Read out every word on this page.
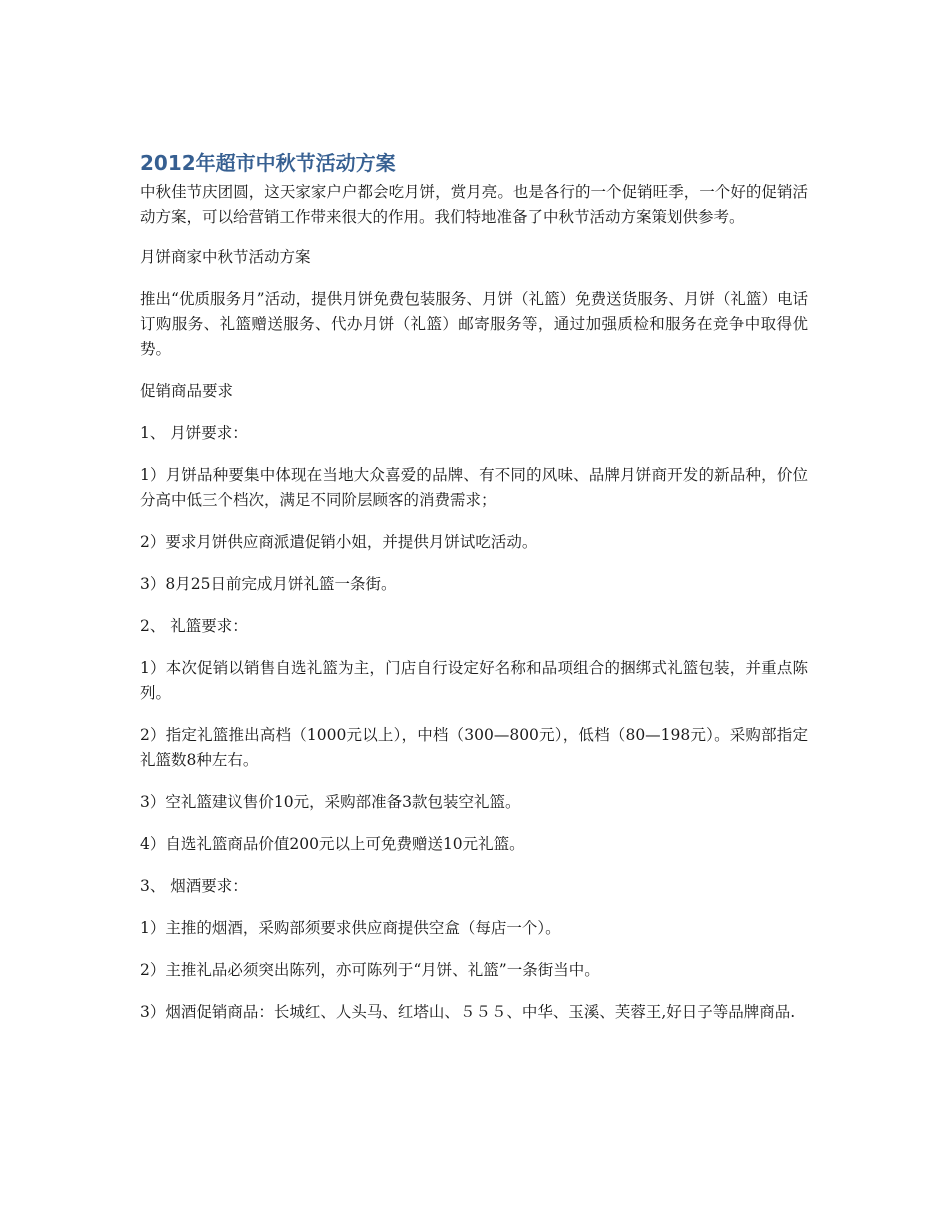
2012年超市中秋节活动方案

中秋佳节庆团圆，这天家家户户都会吃月饼，赏月亮。也是各行的一个促销旺季，一个好的促销活动方案，可以给营销工作带来很大的作用。我们特地准备了中秋节活动方案策划供参考。

月饼商家中秋节活动方案

推出“优质服务月”活动，提供月饼免费包装服务、月饼（礼篮）免费送货服务、月饼（礼篮）电话订购服务、礼篮赠送服务、代办月饼（礼篮）邮寄服务等，通过加强质检和服务在竞争中取得优势。

促销商品要求

1、 月饼要求：

1）月饼品种要集中体现在当地大众喜爱的品牌、有不同的风味、品牌月饼商开发的新品种，价位分高中低三个档次，满足不同阶层顾客的消费需求；

2）要求月饼供应商派遣促销小姐，并提供月饼试吃活动。

3）8月25日前完成月饼礼篮一条街。

2、 礼篮要求：

1）本次促销以销售自选礼篮为主，门店自行设定好名称和品项组合的捆绑式礼篮包装，并重点陈列。

2）指定礼篮推出高档（1000元以上），中档（300—800元），低档（80—198元）。采购部指定礼篮数8种左右。

3）空礼篮建议售价10元，采购部准备3款包装空礼篮。

4）自选礼篮商品价值200元以上可免费赠送10元礼篮。

3、 烟酒要求：

1）主推的烟酒，采购部须要求供应商提供空盒（每店一个）。

2）主推礼品必须突出陈列，亦可陈列于“月饼、礼篮”一条街当中。

3）烟酒促销商品：长城红、人头马、红塔山、５５５、中华、玉溪、芙蓉王,好日子等品牌商品.
